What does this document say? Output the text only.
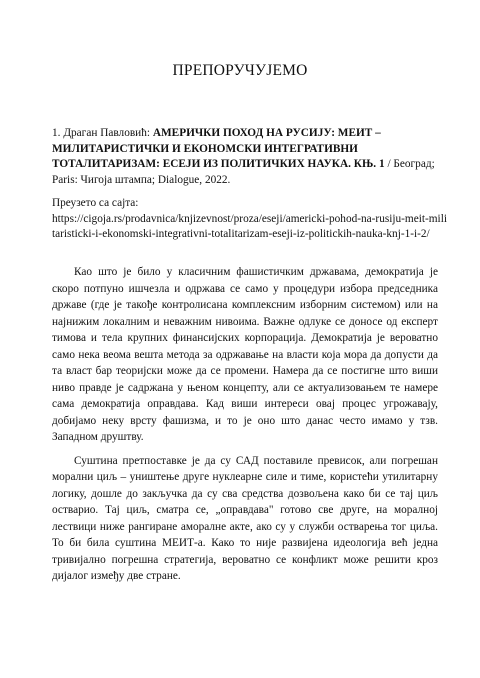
ПРЕПОРУЧУЈЕМО
1. Драган Павловић: АМЕРИЧКИ ПОХОД НА РУСИЈУ: МЕИТ – МИЛИТАРИСТИЧКИ И ЕКОНОМСКИ ИНТЕГРАТИВНИ ТОТАЛИТАРИЗАМ: ЕСЕЈИ ИЗ ПОЛИТИЧКИХ НАУКА. КЊ. 1 / Београд; Paris: Чигоја штампа; Dialogue, 2022.
Преузето са сајта:
https://cigoja.rs/prodavnica/knjizevnost/proza/eseji/americki-pohod-na-rusiju-meit-militaristicki-i-ekonomski-integrativni-totalitarizam-eseji-iz-politickih-nauka-knj-1-i-2/

Као што је било у класичним фашистичким државама, демократија је скоро потпуно ишчезла и одржава се само у процедури избора председника државе (где је такође контролисана комплексним изборним системом) или на најнижим локалним и неважним нивоима. Важне одлуке се доносе од експерт тимова и тела крупних финансијских корпорација. Демократија је вероватно само нека веома вешта метода за одржавање на власти која мора да допусти да та власт бар теоријски може да се промени. Намера да се постигне што виши ниво правде је садржана у њеном концепту, али се актуализовањем те намере сама демократија оправдава. Кад виши интереси овај процес угрожавају, добијамо неку врсту фашизма, и то је оно што данас често имамо у тзв. Западном друштву.

Суштина претпоставке је да су САД поставиле превисок, али погрешан морални циљ – уништење друге нуклеарне силе и тиме, користећи утилитарну логику, дошле до закључка да су сва средства дозвољена како би се тај циљ остварио. Тај циљ, сматра се, „оправдава" готово све друге, на моралној лествици ниже рангиране аморалне акте, ако су у служби остварења тог циља. То би била суштина МЕИТ-а. Како то није развијена идеологија већ једна тривијално погрешна стратегија, вероватно се конфликт може решити кроз дијалог између две стране.
